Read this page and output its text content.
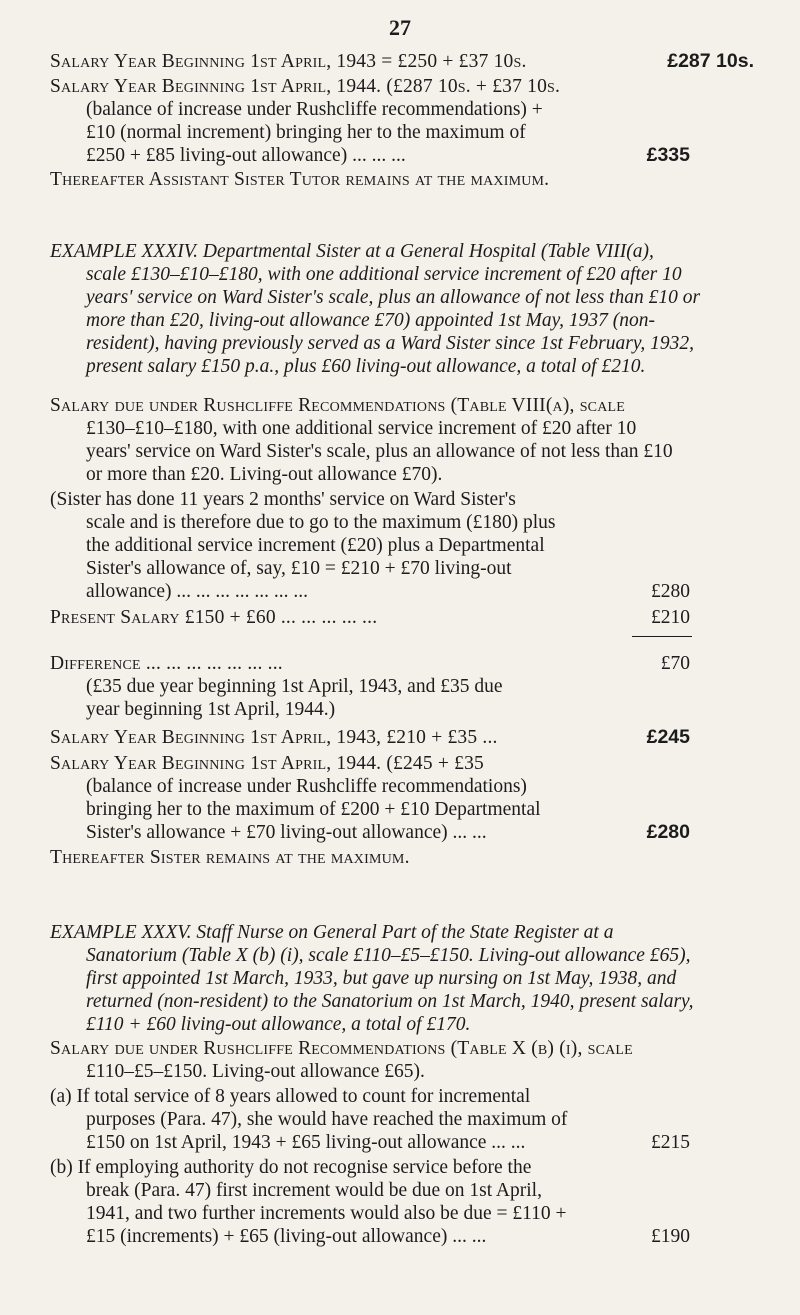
27
Salary Year Beginning 1st April, 1943 = £250 + £37 10s.	£287 10s.
Salary Year Beginning 1st April, 1944. (£287 10s. + £37 10s.
(balance of increase under Rushcliffe recommendations) +
£10 (normal increment) bringing her to the maximum of
£250 + £85 living-out allowance) ... ... ...	£335
Thereafter Assistant Sister Tutor remains at the maximum.
EXAMPLE XXXIV. Departmental Sister at a General Hospital (Table VIII(a),
scale £130–£10–£180, with one additional service increment of £20 after 10
years' service on Ward Sister's scale, plus an allowance of not less than £10 or
more than £20, living-out allowance £70) appointed 1st May, 1937 (non-
resident), having previously served as a Ward Sister since 1st February, 1932,
present salary £150 p.a., plus £60 living-out allowance, a total of £210.
Salary due under Rushcliffe Recommendations (Table VIII(a), scale
£130–£10–£180, with one additional service increment of £20 after 10
years' service on Ward Sister's scale, plus an allowance of not less than £10
or more than £20. Living-out allowance £70).
(Sister has done 11 years 2 months' service on Ward Sister's
scale and is therefore due to go to the maximum (£180) plus
the additional service increment (£20) plus a Departmental
Sister's allowance of, say, £10 = £210 + £70 living-out
allowance) ... ... ... ... ... ... ...	£280
Present Salary £150 + £60 ... ... ... ... ...	£210
Difference ... ... ... ... ... ... ...	£70
(£35 due year beginning 1st April, 1943, and £35 due
year beginning 1st April, 1944.)
Salary Year Beginning 1st April, 1943, £210 + £35 ...	£245
Salary Year Beginning 1st April, 1944. (£245 + £35
(balance of increase under Rushcliffe recommendations)
bringing her to the maximum of £200 + £10 Departmental
Sister's allowance + £70 living-out allowance) ... ...	£280
Thereafter Sister remains at the maximum.
EXAMPLE XXXV. Staff Nurse on General Part of the State Register at a
Sanatorium (Table X (b) (i), scale £110–£5–£150. Living-out allowance £65),
first appointed 1st March, 1933, but gave up nursing on 1st May, 1938, and
returned (non-resident) to the Sanatorium on 1st March, 1940, present salary,
£110 + £60 living-out allowance, a total of £170.
Salary due under Rushcliffe Recommendations (Table X (b) (i), scale
£110–£5–£150. Living-out allowance £65).
(a) If total service of 8 years allowed to count for incremental
purposes (Para. 47), she would have reached the maximum of
£150 on 1st April, 1943 + £65 living-out allowance ... ...	£215
(b) If employing authority do not recognise service before the
break (Para. 47) first increment would be due on 1st April,
1941, and two further increments would also be due = £110 +
£15 (increments) + £65 (living-out allowance) ... ...	£190
